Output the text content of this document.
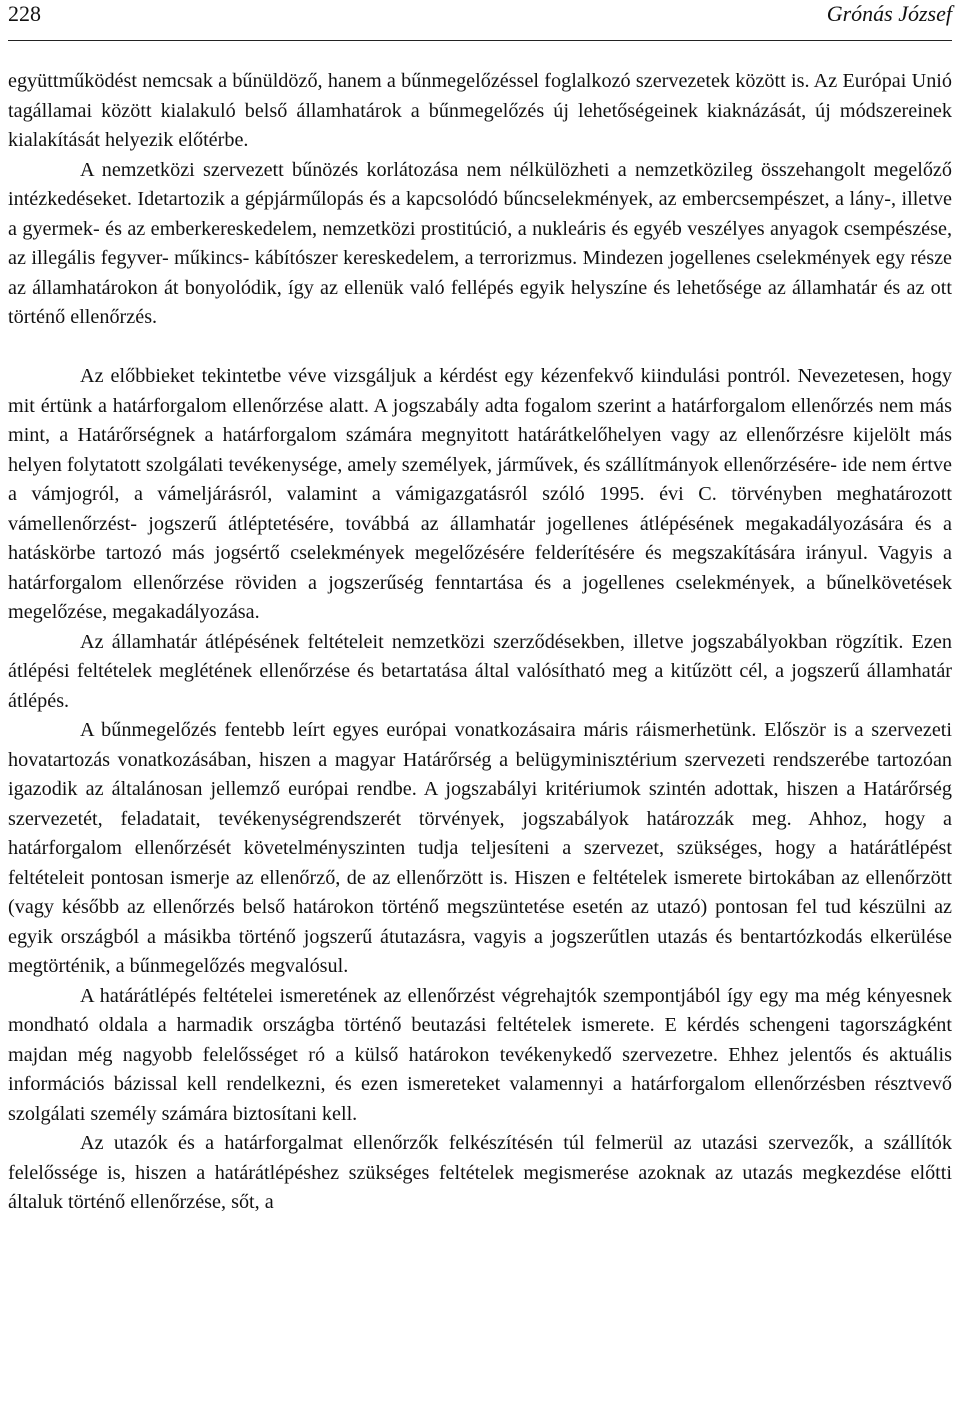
228	Grónás József

együttműködést nemcsak a bűnüldöző, hanem a bűnmegelőzéssel foglalkozó szervezetek között is. Az Európai Unió tagállamai között kialakuló belső államhatárok a bűnmegelőzés új lehetőségeinek kiaknázását, új módszereinek kialakítását helyezik előtérbe.

A nemzetközi szervezett bűnözés korlátozása nem nélkülözheti a nemzetközileg összehangolt megelőző intézkedéseket. Idetartozik a gépjárműlopás és a kapcsolódó bűncselekmények, az embercsempészet, a lány-, illetve a gyermek- és az emberkereskedelem, nemzetközi prostitúció, a nukleáris és egyéb veszélyes anyagok csempészése, az illegális fegyver- műkincs- kábítószer kereskedelem, a terrorizmus. Mindezen jogellenes cselekmények egy része az államhatárokon át bonyolódik, így az ellenük való fellépés egyik helyszíne és lehetősége az államhatár és az ott történő ellenőrzés.

Az előbbieket tekintetbe véve vizsgáljuk a kérdést egy kézenfekvő kiindulási pontról. Nevezetesen, hogy mit értünk a határforgalom ellenőrzése alatt. A jogszabály adta fogalom szerint a határforgalom ellenőrzés nem más mint, a Határőrségnek a határforgalom számára megnyitott határátkelőhelyen vagy az ellenőrzésre kijelölt más helyen folytatott szolgálati tevékenysége, amely személyek, járművek, és szállítmányok ellenőrzésére- ide nem értve a vámjogról, a vámeljárásról, valamint a vámigazgatásról szóló 1995. évi C. törvényben meghatározott vámellenőrzést- jogszerű átléptetésére, továbbá az államhatár jogellenes átlépésének megakadályozására és a hatáskörbe tartozó más jogsértő cselekmények megelőzésére felderítésére és megszakítására irányul. Vagyis a határforgalom ellenőrzése röviden a jogszerűség fenntartása és a jogellenes cselekmények, a bűnelkövetések megelőzése, megakadályozása.

Az államhatár átlépésének feltételeit nemzetközi szerződésekben, illetve jogszabályokban rögzítik. Ezen átlépési feltételek meglétének ellenőrzése és betartatása által valósítható meg a kitűzött cél, a jogszerű államhatár átlépés.

A bűnmegelőzés fentebb leírt egyes európai vonatkozásaira máris ráismerhetünk. Először is a szervezeti hovatartozás vonatkozásában, hiszen a magyar Határőrség a belügyminisztérium szervezeti rendszerébe tartozóan igazodik az általánosan jellemző európai rendbe. A jogszabályi kritériumok szintén adottak, hiszen a Határőrség szervezetét, feladatait, tevékenységrendszerét törvények, jogszabályok határozzák meg. Ahhoz, hogy a határforgalom ellenőrzését követelményszinten tudja teljesíteni a szervezet, szükséges, hogy a határátlépést feltételeit pontosan ismerje az ellenőrző, de az ellenőrzött is. Hiszen e feltételek ismerete birtokában az ellenőrzött (vagy később az ellenőrzés belső határokon történő megszüntetése esetén az utazó) pontosan fel tud készülni az egyik országból a másikba történő jogszerű átutazásra, vagyis a jogszerűtlen utazás és bentartózkodás elkerülése megtörténik, a bűnmegelőzés megvalósul.

A határátlépés feltételei ismeretének az ellenőrzést végrehajtók szempontjából így egy ma még kényesnek mondható oldala a harmadik országba történő beutazási feltételek ismerete. E kérdés schengeni tagországként majdan még nagyobb felelősséget ró a külső határokon tevékenykedő szervezetre. Ehhez jelentős és aktuális információs bázissal kell rendelkezni, és ezen ismereteket valamennyi a határforgalom ellenőrzésben résztvevő szolgálati személy számára biztosítani kell.

Az utazók és a határforgalmat ellenőrzők felkészítésén túl felmerül az utazási szervezők, a szállítók felelőssége is, hiszen a határátlépéshez szükséges feltételek megismerése azoknak az utazás megkezdése előtti általuk történő ellenőrzése, sőt, a
